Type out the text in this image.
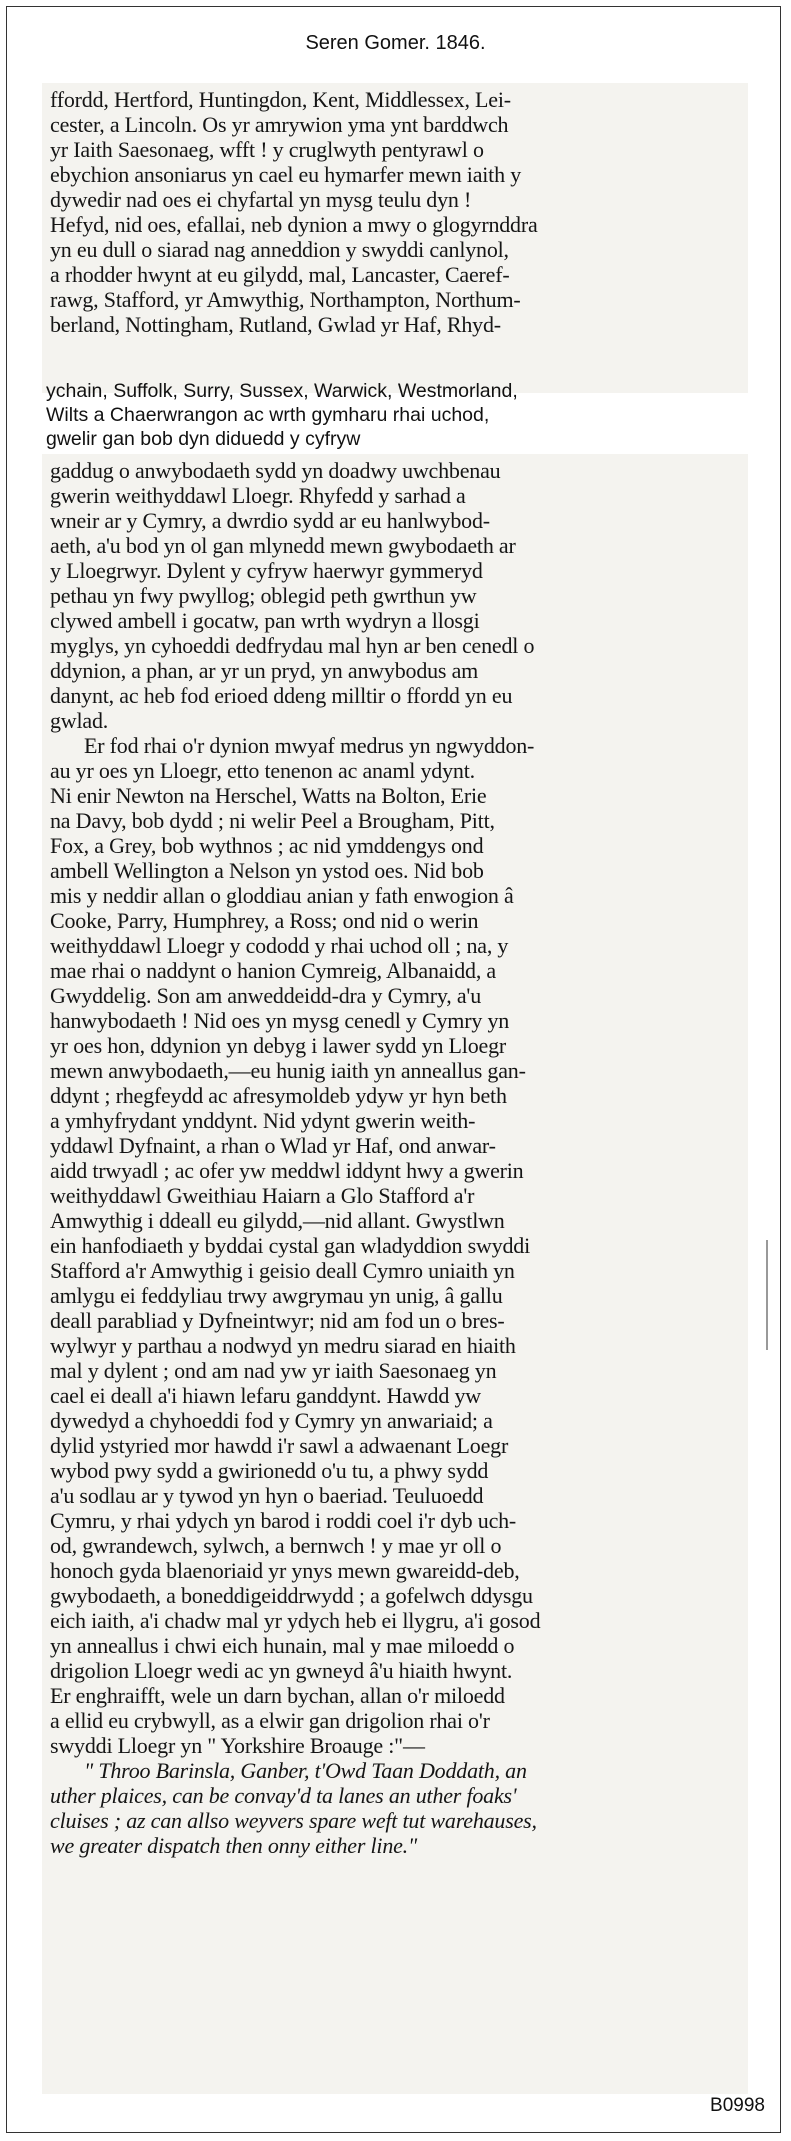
Seren Gomer. 1846.
ffordd, Hertford, Huntingdon, Kent, Middlessex, Lei-
cester, a Lincoln. Os yr amrywion yma ynt barddwch
yr Iaith Saesonaeg, wfft ! y cruglwyth pentyrawl o
ebychion ansoniarus yn cael eu hymarfer mewn iaith y
dywedir nad oes ei chyfartal yn mysg teulu dyn !
Hefyd, nid oes, efallai, neb dynion a mwy o glogyrnddra
yn eu dull o siarad nag anneddion y swyddi canlynol,
a rhodder hwynt at eu gilydd, mal, Lancaster, Caeref-
rawg, Stafford, yr Amwythig, Northampton, Northum-
berland, Nottingham, Rutland, Gwlad yr Haf, Rhyd-
ychain, Suffolk, Surry, Sussex, Warwick, Westmorland,
Wilts a Chaerwrangon ac wrth gymharu rhai uchod,
gwelir gan bob dyn diduedd y cyfryw
gaddug o anwybodaeth sydd yn doadwy uwchbenau
gwerin weithyddawl Lloegr. Rhyfedd y sarhad a
wneir ar y Cymry, a dwrdio sydd ar eu hanlwybod-
aeth, a'u bod yn ol gan mlynedd mewn gwybodaeth ar
y Lloegrwyr. Dylent y cyfryw haerwyr gymmeryd
pethau yn fwy pwyllog; oblegid peth gwrthun yw
clywed ambell i gocatw, pan wrth wydryn a llosgi
myglys, yn cyhoeddi dedfrydau mal hyn ar ben cenedl o
ddynion, a phan, ar yr un pryd, yn anwybodus am
danynt, ac heb fod erioed ddeng milltir o ffordd yn eu
gwlad.
Er fod rhai o'r dynion mwyaf medrus yn ngwyddon-
au yr oes yn Lloegr, etto tenenon ac anaml ydynt.
Ni enir Newton na Herschel, Watts na Bolton, Erie
na Davy, bob dydd ; ni welir Peel a Brougham, Pitt,
Fox, a Grey, bob wythnos ; ac nid ymddengys ond
ambell Wellington a Nelson yn ystod oes. Nid bob
mis y neddir allan o gloddiau anian y fath enwogion â
Cooke, Parry, Humphrey, a Ross; ond nid o werin
weithyddawl Lloegr y cododd y rhai uchod oll ; na, y
mae rhai o naddynt o hanion Cymreig, Albanaidd, a
Gwyddelig. Son am anweddeidd-dra y Cymry, a'u
hanwybodaeth ! Nid oes yn mysg cenedl y Cymry yn
yr oes hon, ddynion yn debyg i lawer sydd yn Lloegr
mewn anwybodaeth,—eu hunig iaith yn anneallus gan-
ddynt ; rhegfeydd ac afresymoldeb ydyw yr hyn beth
a ymhyfrydant ynddynt. Nid ydynt gwerin weith-
yddawl Dyfnaint, a rhan o Wlad yr Haf, ond anwar-
aidd trwyadl ; ac ofer yw meddwl iddynt hwy a gwerin
weithyddawl Gweithiau Haiarn a Glo Stafford a'r
Amwythig i ddeall eu gilydd,—nid allant. Gwystlwn
ein hanfodiaeth y byddai cystal gan wladyddion swyddi
Stafford a'r Amwythig i geisio deall Cymro uniaith yn
amlygu ei feddyliau trwy awgrymau yn unig, â gallu
deall parabliad y Dyfneintwyr; nid am fod un o bres-
wylwyr y parthau a nodwyd yn medru siarad en hiaith
mal y dylent ; ond am nad yw yr iaith Saesonaeg yn
cael ei deall a'i hiawn lefaru ganddynt. Hawdd yw
dywedyd a chyhoeddi fod y Cymry yn anwariaid; a
dylid ystyried mor hawdd i'r sawl a adwaenant Loegr
wybod pwy sydd a gwirionedd o'u tu, a phwy sydd
a'u sodlau ar y tywod yn hyn o baeriad. Teuluoedd
Cymru, y rhai ydych yn barod i roddi coel i'r dyb uch-
od, gwrandewch, sylwch, a bernwch ! y mae yr oll o
honoch gyda blaenoriaid yr ynys mewn gwareidd-deb,
gwybodaeth, a boneddigeiddrwydd ; a gofelwch ddysgu
eich iaith, a'i chadw mal yr ydych heb ei llygru, a'i gosod
yn anneallus i chwi eich hunain, mal y mae miloedd o
drigolion Lloegr wedi ac yn gwneyd â'u hiaith hwynt.
Er enghraifft, wele un darn bychan, allan o'r miloedd
a ellid eu crybwyll, as a elwir gan drigolion rhai o'r
swyddi Lloegr yn " Yorkshire Broauge :"—
" Throo Barinsla, Ganber, t'Owd Taan Doddath, an
uther plaices, can be convay'd ta lanes an uther foaks'
cluises ; az can allso weyvers spare weft tut warehauses,
we greater dispatch then onny either line."
B0998
